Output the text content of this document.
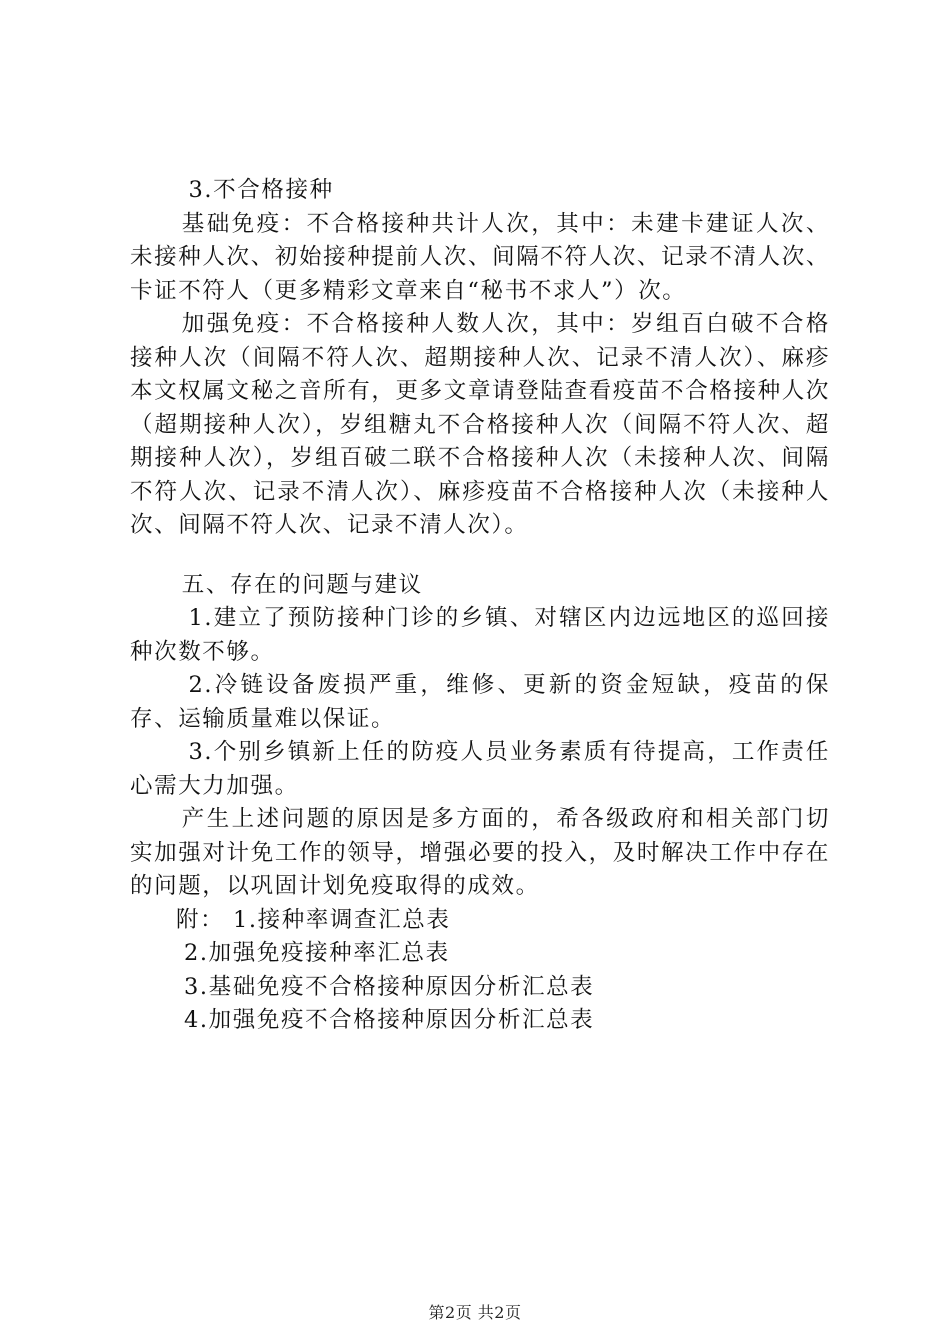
3.不合格接种

基础免疫：不合格接种共计人次，其中：未建卡建证人次、未接种人次、初始接种提前人次、间隔不符人次、记录不清人次、卡证不符人（更多精彩文章来自“秘书不求人”）次。

加强免疫：不合格接种人数人次，其中：岁组百白破不合格接种人次（间隔不符人次、超期接种人次、记录不清人次）、麻疹本文权属文秘之音所有，更多文章请登陆查看疫苗不合格接种人次（超期接种人次），岁组糖丸不合格接种人次（间隔不符人次、超期接种人次），岁组百破二联不合格接种人次（未接种人次、间隔不符人次、记录不清人次）、麻疹疫苗不合格接种人次（未接种人次、间隔不符人次、记录不清人次）。

五、存在的问题与建议

1.建立了预防接种门诊的乡镇、对辖区内边远地区的巡回接种次数不够。

2.冷链设备废损严重，维修、更新的资金短缺，疫苗的保存、运输质量难以保证。

3.个别乡镇新上任的防疫人员业务素质有待提高，工作责任心需大力加强。

产生上述问题的原因是多方面的，希各级政府和相关部门切实加强对计免工作的领导，增强必要的投入，及时解决工作中存在的问题，以巩固计划免疫取得的成效。

附： 1.接种率调查汇总表

2.加强免疫接种率汇总表

3.基础免疫不合格接种原因分析汇总表

4.加强免疫不合格接种原因分析汇总表

第2页 共2页
